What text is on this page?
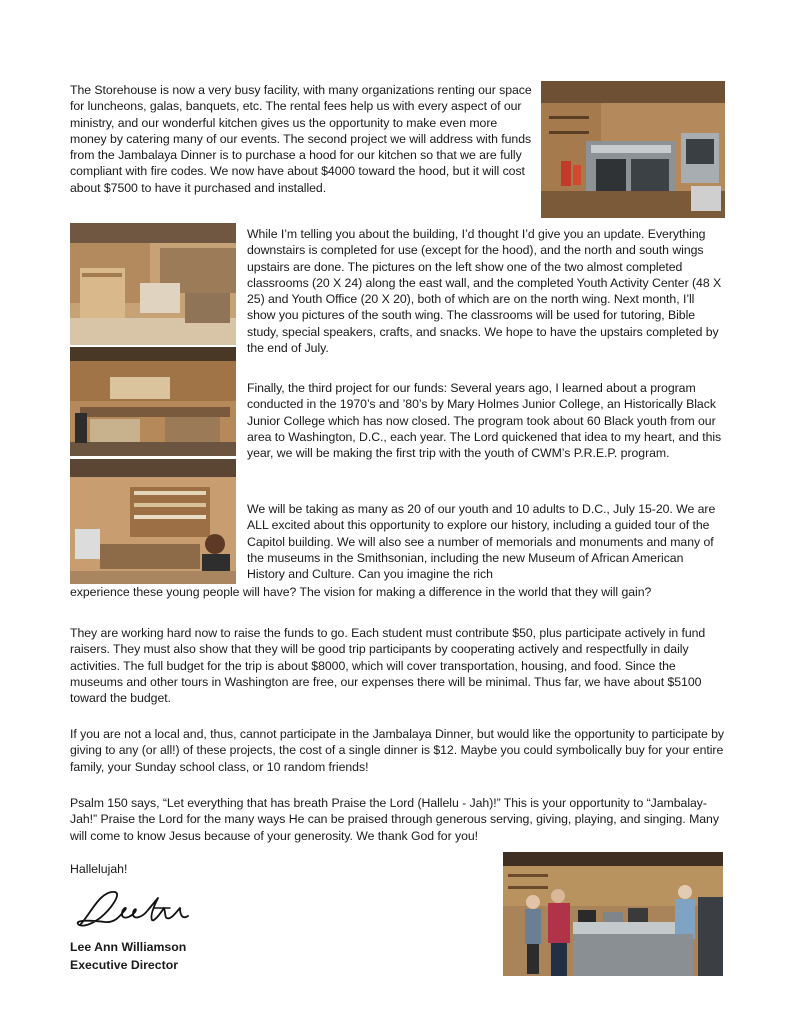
The Storehouse is now a very busy facility, with many organizations renting our space for luncheons, galas, banquets, etc. The rental fees help us with every aspect of our ministry, and our wonderful kitchen gives us the opportunity to make even more money by catering many of our events. The second project we will address with funds from the Jambalaya Dinner is to purchase a hood for our kitchen so that we are fully compliant with fire codes. We now have about $4000 toward the hood, but it will cost about $7500 to have it purchased and installed.

While I’m telling you about the building, I’d thought I’d give you an update. Everything downstairs is completed for use (except for the hood), and the north and south wings upstairs are done. The pictures on the left show one of the two almost completed classrooms (20 X 24) along the east wall, and the completed Youth Activity Center (48 X 25) and Youth Office (20 X 20), both of which are on the north wing. Next month, I’ll show you pictures of the south wing. The classrooms will be used for tutoring, Bible study, special speakers, crafts, and snacks. We hope to have the upstairs completed by the end of July.

Finally, the third project for our funds: Several years ago, I learned about a program conducted in the 1970’s and ’80’s by Mary Holmes Junior College, an Historically Black Junior College which has now closed. The program took about 60 Black youth from our area to Washington, D.C., each year. The Lord quickened that idea to my heart, and this year, we will be making the first trip with the youth of CWM’s P.R.E.P. program.

We will be taking as many as 20 of our youth and 10 adults to D.C., July 15-20. We are ALL excited about this opportunity to explore our history, including a guided tour of the Capitol building. We will also see a number of memorials and monuments and many of the museums in the Smithsonian, including the new Museum of African American History and Culture. Can you imagine the rich

experience these young people will have? The vision for making a difference in the world that they will gain?

They are working hard now to raise the funds to go. Each student must contribute $50, plus participate actively in fund raisers. They must also show that they will be good trip participants by cooperating actively and respectfully in daily activities. The full budget for the trip is about $8000, which will cover transportation, housing, and food. Since the museums and other tours in Washington are free, our expenses there will be minimal. Thus far, we have about $5100 toward the budget.

If you are not a local and, thus, cannot participate in the Jambalaya Dinner, but would like the opportunity to participate by giving to any (or all!) of these projects, the cost of a single dinner is $12. Maybe you could symbolically buy for your entire family, your Sunday school class, or 10 random friends!

Psalm 150 says, “Let everything that has breath Praise the Lord (Hallelu - Jah)!” This is your opportunity to “Jambalay-Jah!” Praise the Lord for the many ways He can be praised through generous serving, giving, playing, and singing. Many will come to know Jesus because of your generosity. We thank God for you!

Hallelujah!
Lee Ann Williamson
Executive Director
